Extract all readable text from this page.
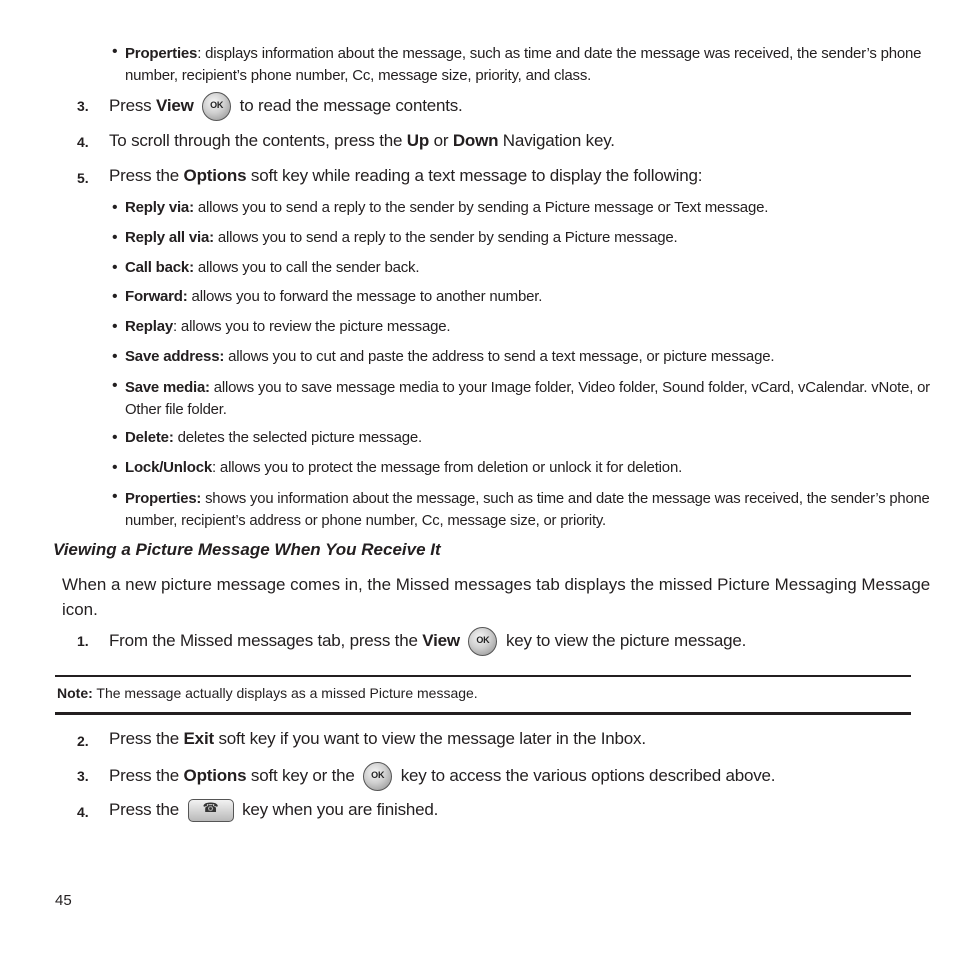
• Properties: displays information about the message, such as time and date the message was received, the sender’s phone
number, recipient’s phone number, Cc, message size, priority, and class.
3. Press View OK to read the message contents.
4. To scroll through the contents, press the Up or Down Navigation key.
5. Press the Options soft key while reading a text message to display the following:
• Reply via: allows you to send a reply to the sender by sending a Picture message or Text message.
• Reply all via: allows you to send a reply to the sender by sending a Picture message.
• Call back: allows you to call the sender back.
• Forward: allows you to forward the message to another number.
• Replay: allows you to review the picture message.
• Save address: allows you to cut and paste the address to send a text message, or picture message.
• Save media: allows you to save message media to your Image folder, Video folder, Sound folder, vCard, vCalendar. vNote, or
Other file folder.
• Delete: deletes the selected picture message.
• Lock/Unlock: allows you to protect the message from deletion or unlock it for deletion.
• Properties: shows you information about the message, such as time and date the message was received, the sender’s phone
number, recipient’s address or phone number, Cc, message size, or priority.
Viewing a Picture Message When You Receive It
When a new picture message comes in, the Missed messages tab displays the missed Picture Messaging Message
icon.
1. From the Missed messages tab, press the View OK key to view the picture message.
Note: The message actually displays as a missed Picture message.
2. Press the Exit soft key if you want to view the message later in the Inbox.
3. Press the Options soft key or the OK key to access the various options described above.
4. Press the ☎	key when you are finished.
45
